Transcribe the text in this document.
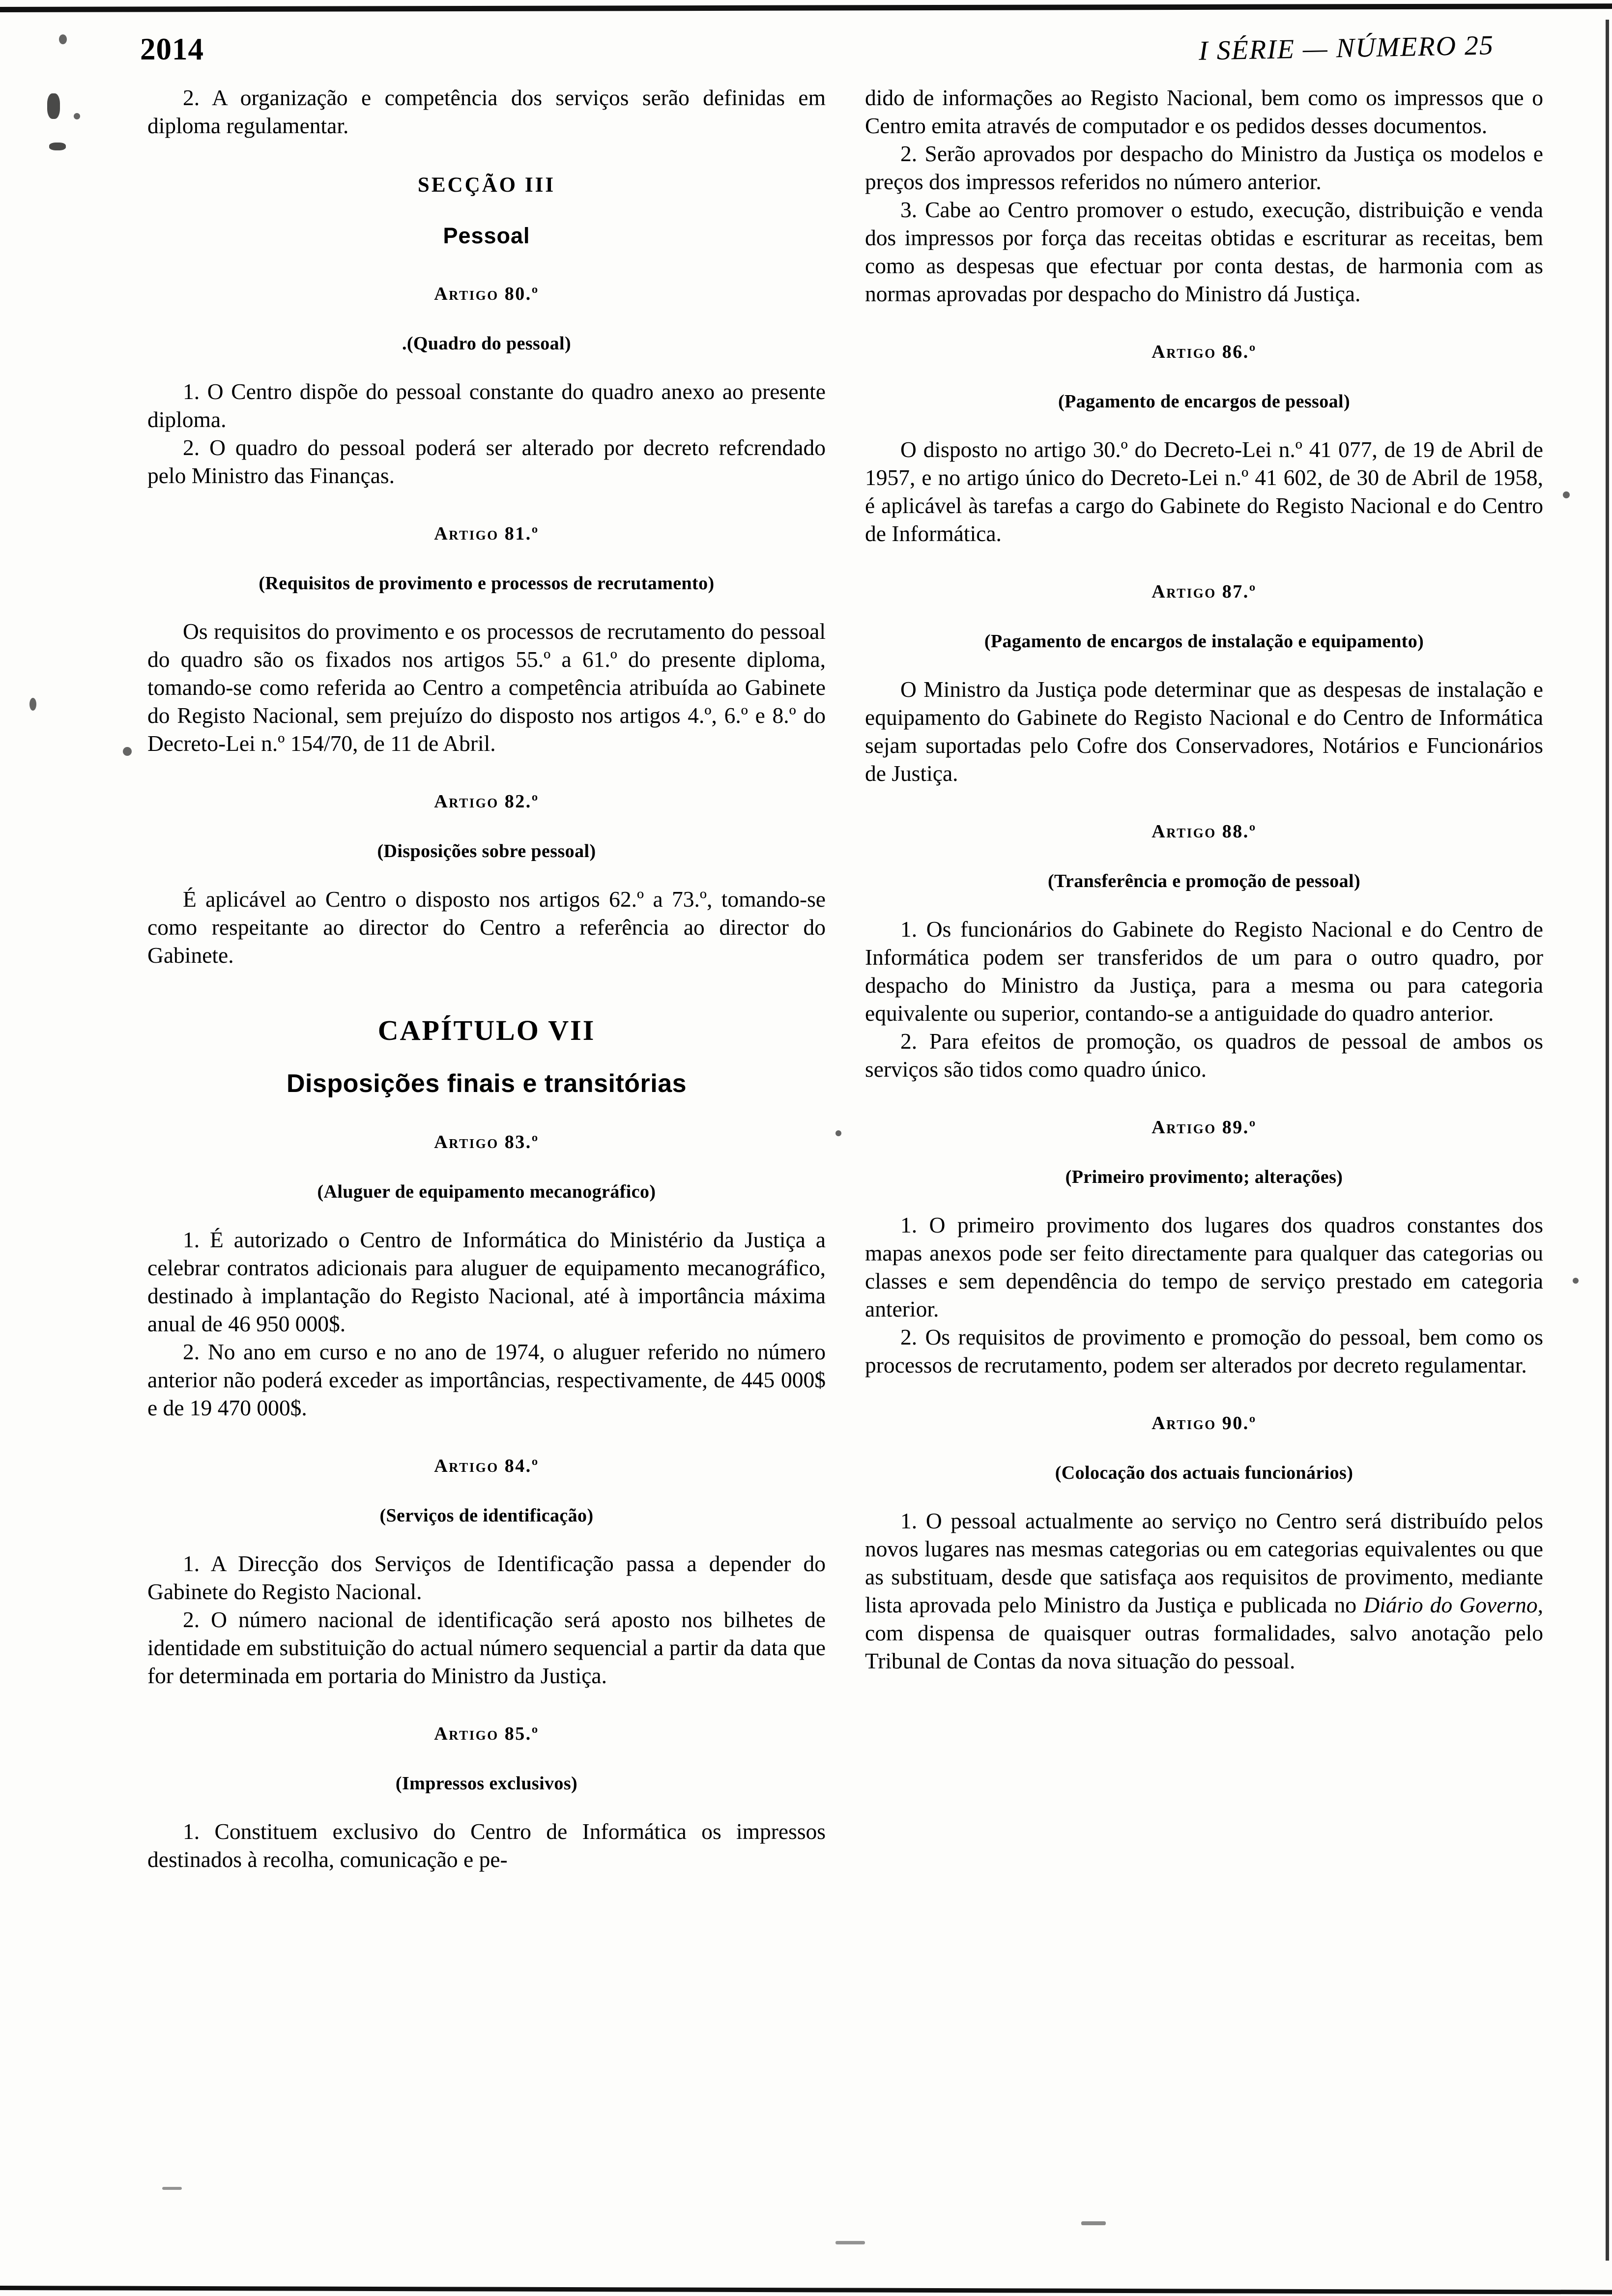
2014	I SÉRIE — NÚMERO 25

2. A organização e competência dos serviços serão definidas em diploma regulamentar.

SECÇÃO III

Pessoal

Artigo 80.º

.(Quadro do pessoal)

1. O Centro dispõe do pessoal constante do quadro anexo ao presente diploma.

2. O quadro do pessoal poderá ser alterado por decreto refcrendado pelo Ministro das Finanças.

Artigo 81.º

(Requisitos de provimento e processos de recrutamento)

Os requisitos do provimento e os processos de recrutamento do pessoal do quadro são os fixados nos artigos 55.º a 61.º do presente diploma, tomando-se como referida ao Centro a competência atribuída ao Gabinete do Registo Nacional, sem prejuízo do disposto nos artigos 4.º, 6.º e 8.º do Decreto-Lei n.º 154/70, de 11 de Abril.

Artigo 82.º

(Disposições sobre pessoal)

É aplicável ao Centro o disposto nos artigos 62.º a 73.º, tomando-se como respeitante ao director do Centro a referência ao director do Gabinete.

CAPÍTULO VII

Disposições finais e transitórias

Artigo 83.º

(Aluguer de equipamento mecanográfico)

1. É autorizado o Centro de Informática do Ministério da Justiça a celebrar contratos adicionais para aluguer de equipamento mecanográfico, destinado à implantação do Registo Nacional, até à importância máxima anual de 46 950 000$.

2. No ano em curso e no ano de 1974, o aluguer referido no número anterior não poderá exceder as importâncias, respectivamente, de 445 000$ e de 19 470 000$.

Artigo 84.º

(Serviços de identificação)

1. A Direcção dos Serviços de Identificação passa a depender do Gabinete do Registo Nacional.

2. O número nacional de identificação será aposto nos bilhetes de identidade em substituição do actual número sequencial a partir da data que for determinada em portaria do Ministro da Justiça.

Artigo 85.º

(Impressos exclusivos)

1. Constituem exclusivo do Centro de Informática os impressos destinados à recolha, comunicação e pe-

dido de informações ao Registo Nacional, bem como os impressos que o Centro emita através de computador e os pedidos desses documentos.

2. Serão aprovados por despacho do Ministro da Justiça os modelos e preços dos impressos referidos no número anterior.

3. Cabe ao Centro promover o estudo, execução, distribuição e venda dos impressos por força das receitas obtidas e escriturar as receitas, bem como as despesas que efectuar por conta destas, de harmonia com as normas aprovadas por despacho do Ministro dá Justiça.

Artigo 86.º

(Pagamento de encargos de pessoal)

O disposto no artigo 30.º do Decreto-Lei n.º 41 077, de 19 de Abril de 1957, e no artigo único do Decreto-Lei n.º 41 602, de 30 de Abril de 1958, é aplicável às tarefas a cargo do Gabinete do Registo Nacional e do Centro de Informática.

Artigo 87.º

(Pagamento de encargos de instalação e equipamento)

O Ministro da Justiça pode determinar que as despesas de instalação e equipamento do Gabinete do Registo Nacional e do Centro de Informática sejam suportadas pelo Cofre dos Conservadores, Notários e Funcionários de Justiça.

Artigo 88.º

(Transferência e promoção de pessoal)

1. Os funcionários do Gabinete do Registo Nacional e do Centro de Informática podem ser transferidos de um para o outro quadro, por despacho do Ministro da Justiça, para a mesma ou para categoria equivalente ou superior, contando-se a antiguidade do quadro anterior.

2. Para efeitos de promoção, os quadros de pessoal de ambos os serviços são tidos como quadro único.

Artigo 89.º

(Primeiro provimento; alterações)

1. O primeiro provimento dos lugares dos quadros constantes dos mapas anexos pode ser feito directamente para qualquer das categorias ou classes e sem dependência do tempo de serviço prestado em categoria anterior.

2. Os requisitos de provimento e promoção do pessoal, bem como os processos de recrutamento, podem ser alterados por decreto regulamentar.

Artigo 90.º

(Colocação dos actuais funcionários)

1. O pessoal actualmente ao serviço no Centro será distribuído pelos novos lugares nas mesmas categorias ou em categorias equivalentes ou que as substituam, desde que satisfaça aos requisitos de provimento, mediante lista aprovada pelo Ministro da Justiça e publicada no Diário do Governo, com dispensa de quaisquer outras formalidades, salvo anotação pelo Tribunal de Contas da nova situação do pessoal.
